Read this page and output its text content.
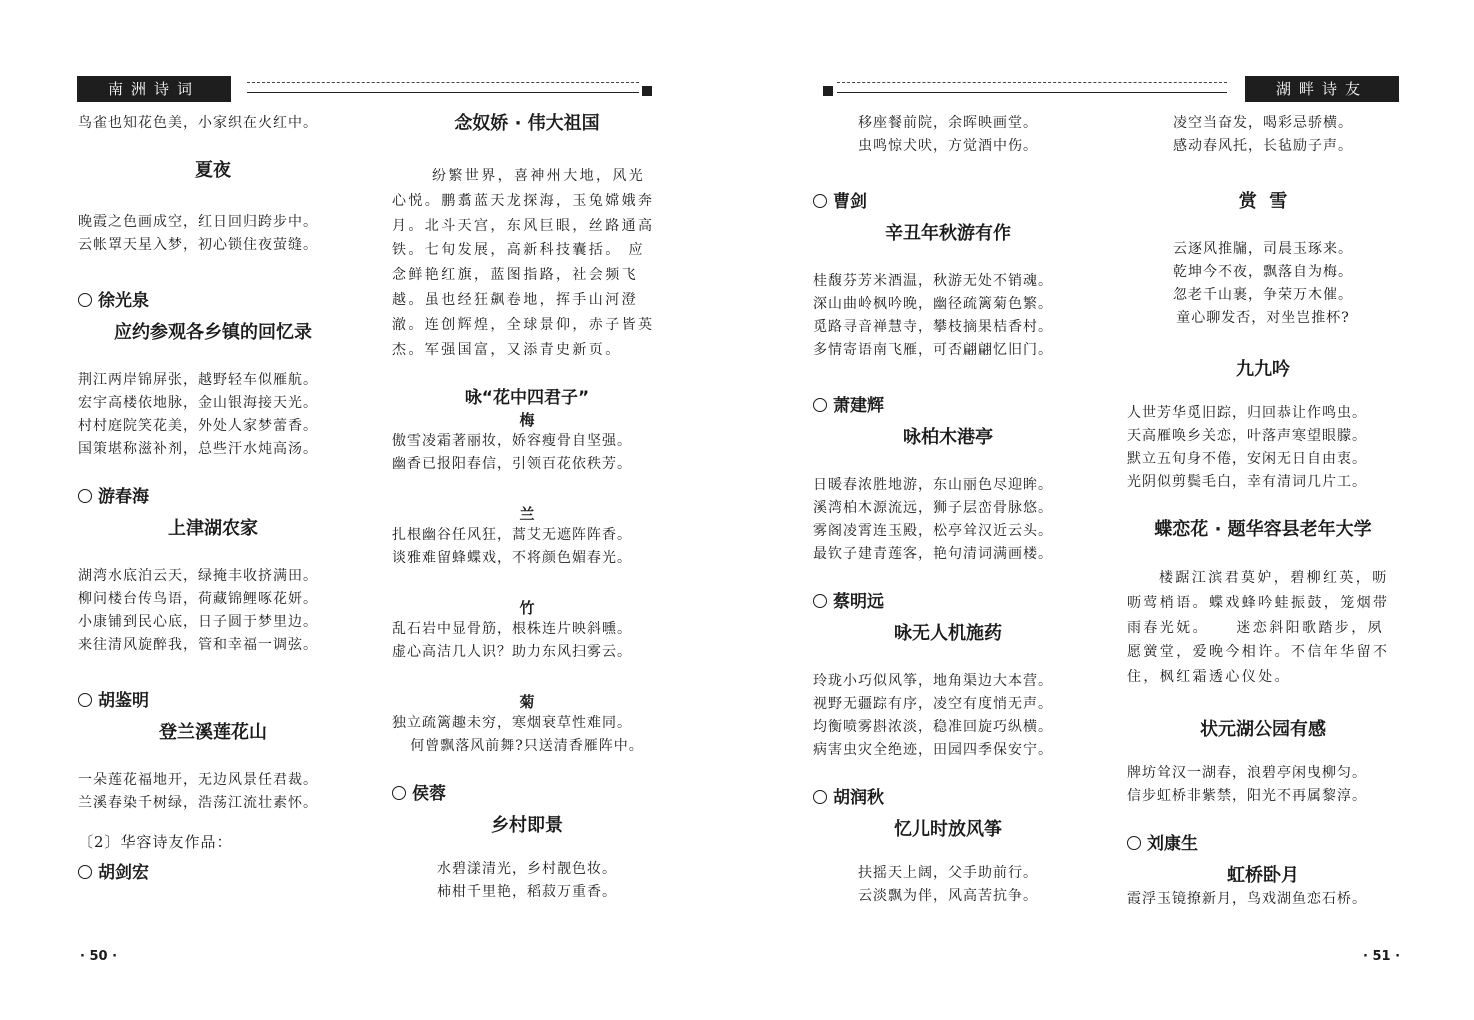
南洲诗词
鸟雀也知花色美，小家织在火红中。
夏夜
晚霞之色画成空，红日回归跨步中。
云帐罩天星入梦，初心锁住夜萤缝。
徐光泉
应约参观各乡镇的回忆录
荆江两岸锦屏张，越野轻车似雁航。
宏宇高楼依地脉，金山银海接天光。
村村庭院笑花美，外处人家梦蕾香。
国策堪称滋补剂，总些汗水炖高汤。
游春海
上津湖农家
湖湾水底泊云天，绿掩丰收挤满田。
柳问楼台传鸟语，荷藏锦鲤啄花妍。
小康铺到民心底，日子圆于梦里边。
来往清风旋醉我，管和幸福一调弦。
胡鉴明
登兰溪莲花山
一朵莲花福地开，无边风景任君裁。
兰溪春染千树绿，浩荡江流壮素怀。
〔2〕华容诗友作品：
胡剑宏
念奴娇 · 伟大祖国
纷繁世界，喜神州大地，风光
心悦。鹏翥蓝天龙探海，玉兔嫦娥奔
月。北斗天宫，东风巨眼，丝路通高
铁。七旬发展，高新科技囊括。 应
念鲜艳红旗，蓝图指路，社会频飞
越。虽也经狂飙卷地，挥手山河澄
澈。连创辉煌，全球景仰，赤子皆英
杰。军强国富，又添青史新页。
咏“花中四君子”
梅
傲雪凌霜著丽妆，娇容瘦骨自坚强。
幽香已报阳春信，引领百花依秩芳。
兰
扎根幽谷任风狂，蒿艾无遮阵阵香。
谈雅难留蜂蝶戏，不将颜色媚春光。
竹
乱石岩中显骨筋，根株连片映斜曛。
虚心高洁几人识？助力东风扫雾云。
菊
独立疏篱趣未穷，寒烟衰草性难同。
何曾飘落风前舞?只送清香雁阵中。
侯蓉
乡村即景
水碧漾清光，乡村靓色妆。
柿柑千里艳，稻菽万重香。
· 50 ·
湖畔诗友
移座餐前院，余晖映画堂。
虫鸣惊犬吠，方觉酒中伤。
曹剑
辛丑年秋游有作
桂馥芬芳米酒温，秋游无处不销魂。
深山曲岭枫吟晚，幽径疏篱菊色繁。
觅路寻音禅慧寺，攀枝摘果桔香村。
多情寄语南飞雁，可否翩翩忆旧门。
萧建辉
咏柏木港亭
日暖春浓胜地游，东山丽色尽迎眸。
溪湾柏木源流远，狮子层峦骨脉悠。
雾阁凌霄连玉殿，松亭耸汉近云头。
最钦子建青莲客，艳句清词满画楼。
蔡明远
咏无人机施药
玲珑小巧似风筝，地角渠边大本营。
视野无疆踪有序，凌空有度悄无声。
均衡喷雾斟浓淡，稳准回旋巧纵横。
病害虫灾全绝迹，田园四季保安宁。
胡润秋
忆儿时放风筝
扶摇天上阔，父手助前行。
云淡飘为伴，风高苦抗争。
凌空当奋发，喝彩忌骄横。
感动春风托，长毡励子声。
赏  雪
云逐风推牖，司晨玉琢来。
乾坤今不夜，飘落自为梅。
忽老千山裹，争荣万木催。
童心聊发否，对坐岂推杯?
九九吟
人世芳华觅旧踪，归回恭让作鸣虫。
天高雁唤乡关恋，叶落声寒望眼朦。
默立五旬身不倦，安闲无日自由衷。
光阴似剪鬓毛白，幸有清词几片工。
蝶恋花 · 题华容县老年大学
楼踞江滨君莫妒，碧柳红英，呖
呖莺梢语。蝶戏蜂吟蛙振鼓，笼烟带
雨春光妩。    迷恋斜阳歌踏步，夙
愿黉堂，爱晚今相许。不信年华留不
住，枫红霜透心仪处。
状元湖公园有感
牌坊耸汉一湖春，浪碧亭闲曳柳匀。
信步虹桥非紫禁，阳光不再属黎淳。
刘康生
虹桥卧月
霞浮玉镜撩新月，鸟戏湖鱼恋石桥。
· 51 ·
